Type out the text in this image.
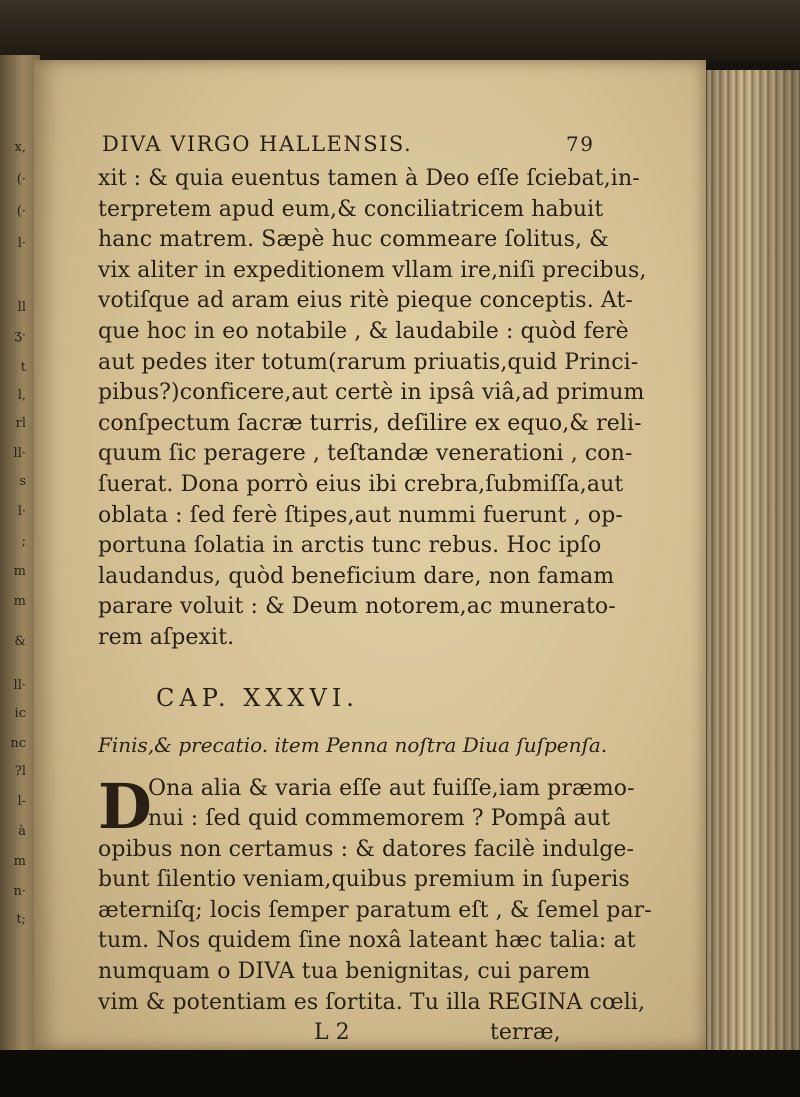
x,
(·
(·
l·
ll
ʒ·
t
l,
rl
ll·
s
l·
;
m
m
&
ll·
ic
nc
?l
l-
à
m
n·
t;
DIVA VIRGO HALLENSIS.	79
xit : & quia euentus tamen à Deo eſſe ſciebat,in-
terpretem apud eum,& conciliatricem habuit
hanc matrem. Sæpè huc commeare ſolitus, &
vix aliter in expeditionem vllam ire,niſi precibus,
votiſque ad aram eius ritè pieque conceptis. At-
que hoc in eo notabile , & laudabile : quòd ferè
aut pedes iter totum(rarum priuatis,quid Princi-
pibus?)conficere,aut certè in ipsâ viâ,ad primum
conſpectum ſacræ turris, deſilire ex equo,& reli-
quum ſic peragere , teſtandæ venerationi , con-
ſuerat. Dona porrò eius ibi crebra,ſubmiſſa,aut
oblata : ſed ferè ſtipes,aut nummi fuerunt , op-
portuna ſolatia in arctis tunc rebus. Hoc ipſo
laudandus, quòd beneficium dare, non famam
parare voluit : & Deum notorem,ac munerato-
rem aſpexit.
CAP. XXXVI.
Finis,& precatio. item Penna noſtra Diua ſuſpenſa.
D
Ona alia & varia eſſe aut fuiſſe,iam præmo-
nui : ſed quid commemorem ? Pompâ aut
opibus non certamus : & datores facilè indulge-
bunt ſilentio veniam,quibus premium in ſuperis
æterniſq; locis ſemper paratum eſt , & ſemel par-
tum. Nos quidem ſine noxâ lateant hæc talia: at
numquam o DIVA tua benignitas, cui parem
vim & potentiam es ſortita. Tu illa REGINA cœli,
L 2	terræ,
